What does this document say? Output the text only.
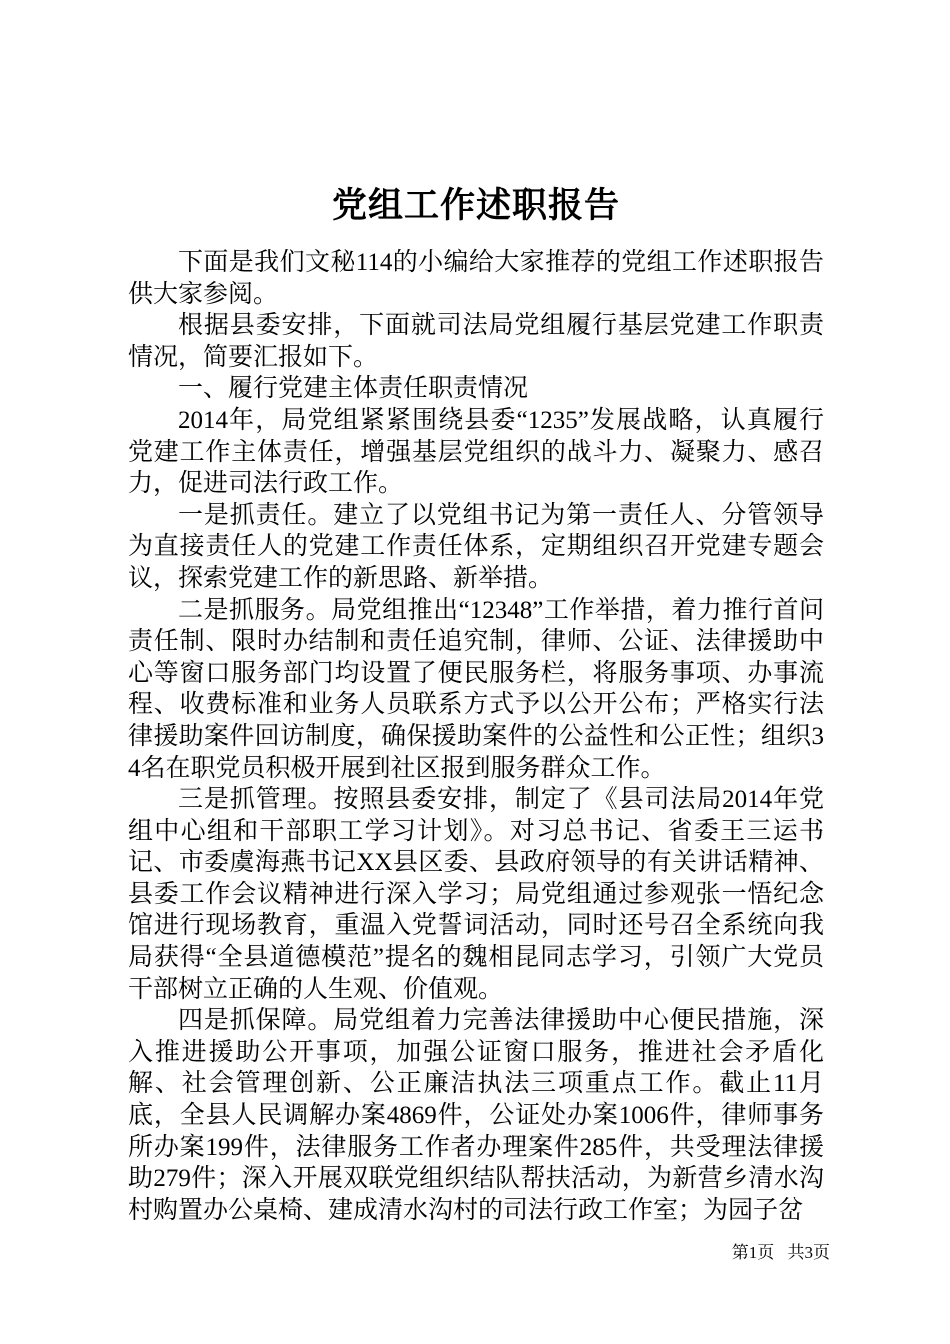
党组工作述职报告

下面是我们文秘114的小编给大家推荐的党组工作述职报告供大家参阅。

根据县委安排，下面就司法局党组履行基层党建工作职责情况，简要汇报如下。

一、履行党建主体责任职责情况

2014年，局党组紧紧围绕县委“1235”发展战略，认真履行党建工作主体责任，增强基层党组织的战斗力、凝聚力、感召力，促进司法行政工作。

一是抓责任。建立了以党组书记为第一责任人、分管领导为直接责任人的党建工作责任体系，定期组织召开党建专题会议，探索党建工作的新思路、新举措。

二是抓服务。局党组推出“12348”工作举措，着力推行首问责任制、限时办结制和责任追究制，律师、公证、法律援助中心等窗口服务部门均设置了便民服务栏，将服务事项、办事流程、收费标准和业务人员联系方式予以公开公布；严格实行法律援助案件回访制度，确保援助案件的公益性和公正性；组织34名在职党员积极开展到社区报到服务群众工作。

三是抓管理。按照县委安排，制定了《县司法局2014年党组中心组和干部职工学习计划》。对习总书记、省委王三运书记、市委虞海燕书记XX县区委、县政府领导的有关讲话精神、县委工作会议精神进行深入学习；局党组通过参观张一悟纪念馆进行现场教育，重温入党誓词活动，同时还号召全系统向我局获得“全县道德模范”提名的魏相昆同志学习，引领广大党员干部树立正确的人生观、价值观。

四是抓保障。局党组着力完善法律援助中心便民措施，深入推进援助公开事项，加强公证窗口服务，推进社会矛盾化解、社会管理创新、公正廉洁执法三项重点工作。截止11月底，全县人民调解办案4869件，公证处办案1006件，律师事务所办案199件，法律服务工作者办理案件285件，共受理法律援助279件；深入开展双联党组织结队帮扶活动，为新营乡清水沟村购置办公桌椅、建成清水沟村的司法行政工作室；为园子岔

第1页 共3页
